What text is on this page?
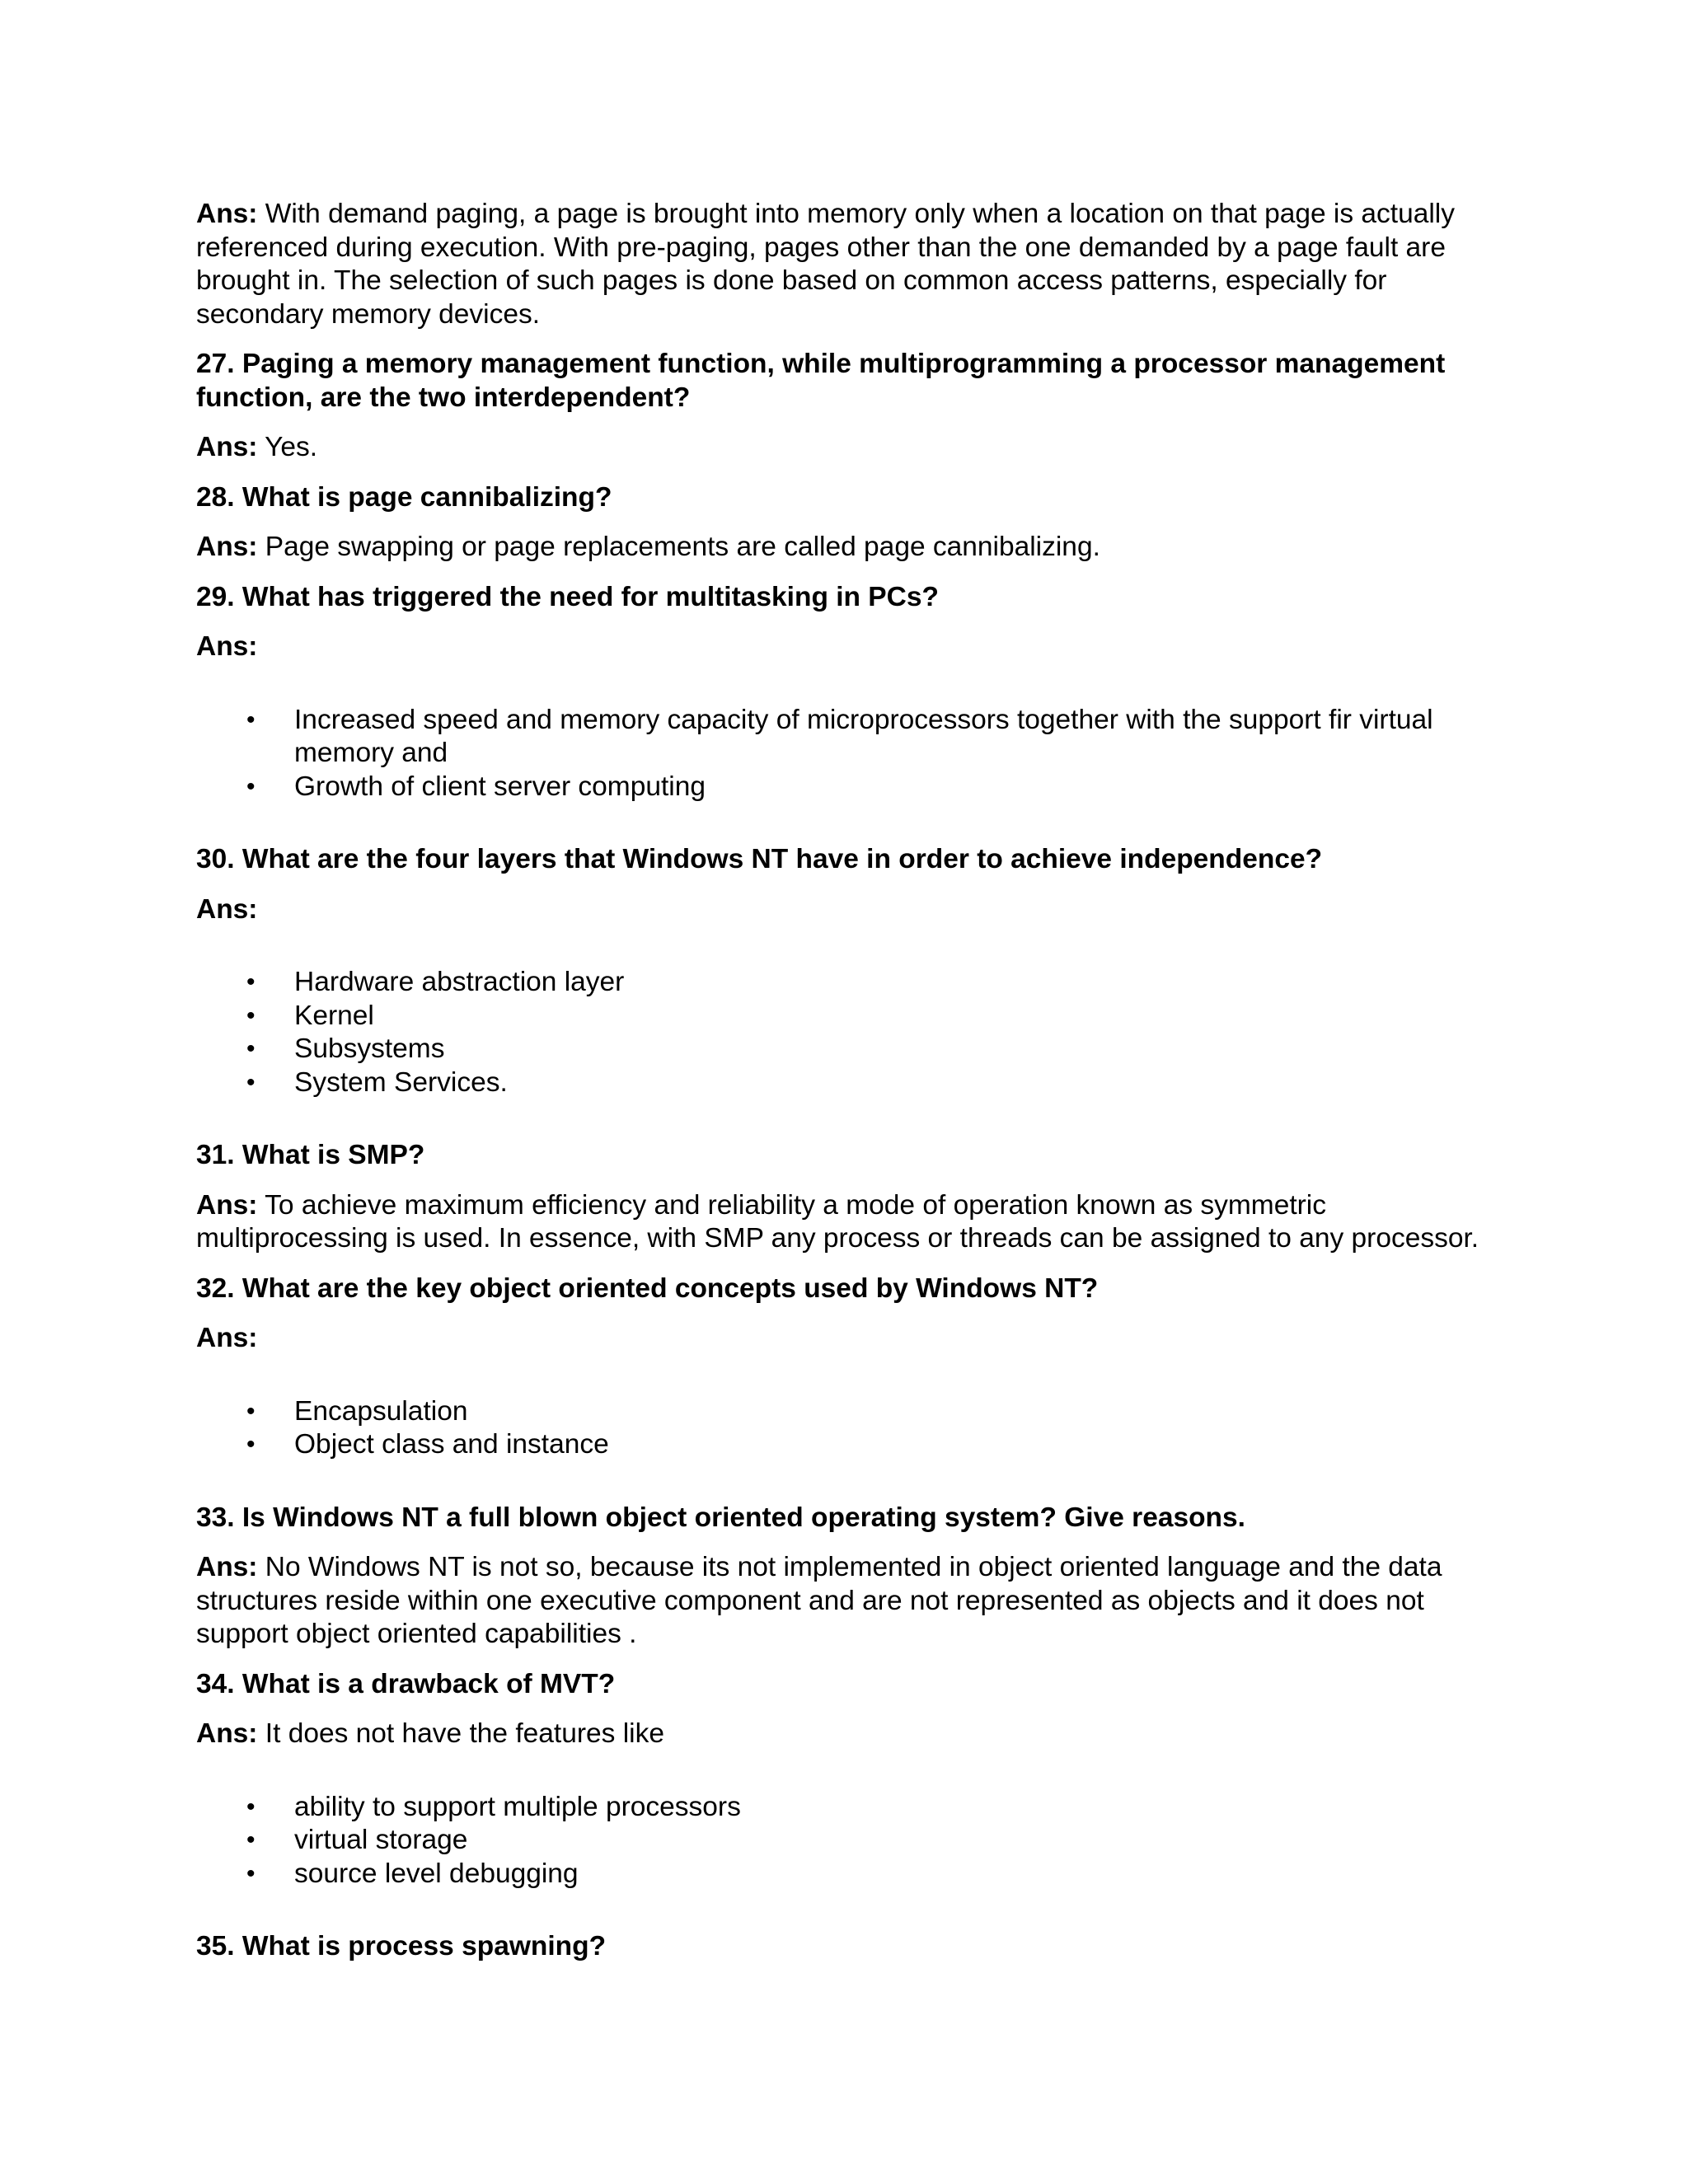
Ans: With demand paging, a page is brought into memory only when a location on that page is actually referenced during execution. With pre-paging, pages other than the one demanded by a page fault are brought in. The selection of such pages is done based on common access patterns, especially for secondary memory devices.

27. Paging a memory management function, while multiprogramming a processor management function, are the two interdependent?

Ans: Yes.

28. What is page cannibalizing?

Ans: Page swapping or page replacements are called page cannibalizing.

29. What has triggered the need for multitasking in PCs?

Ans:

• Increased speed and memory capacity of microprocessors together with the support fir virtual memory and
• Growth of client server computing

30. What are the four layers that Windows NT have in order to achieve independence?

Ans:

• Hardware abstraction layer
• Kernel
• Subsystems
• System Services.

31. What is SMP?

Ans: To achieve maximum efficiency and reliability a mode of operation known as symmetric multiprocessing is used. In essence, with SMP any process or threads can be assigned to any processor.

32. What are the key object oriented concepts used by Windows NT?

Ans:

• Encapsulation
• Object class and instance

33. Is Windows NT a full blown object oriented operating system? Give reasons.

Ans: No Windows NT is not so, because its not implemented in object oriented language and the data structures reside within one executive component and are not represented as objects and it does not support object oriented capabilities .

34. What is a drawback of MVT?

Ans: It does not have the features like

• ability to support multiple processors
• virtual storage
• source level debugging

35. What is process spawning?
